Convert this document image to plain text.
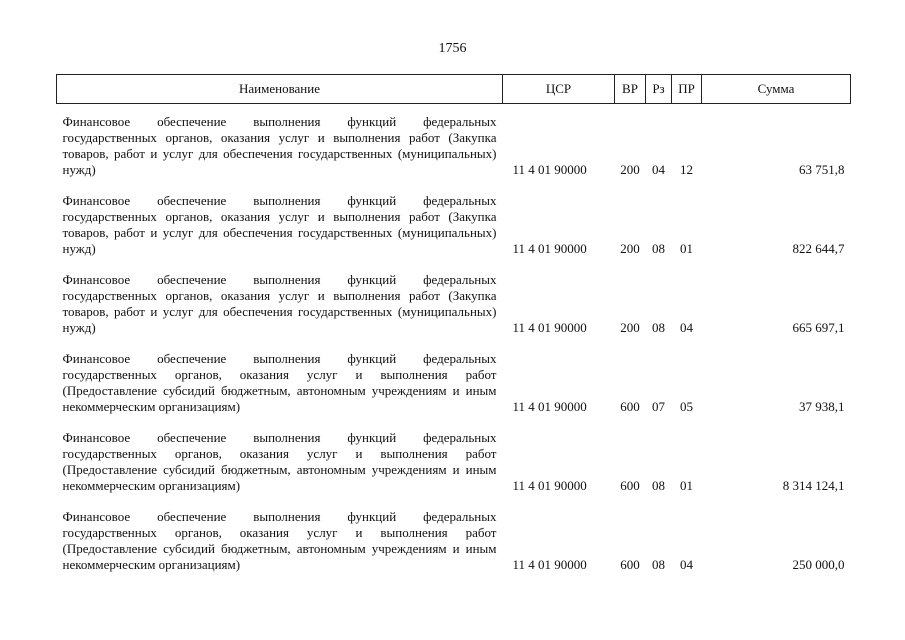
1756
Наименование	ЦСР	ВР	Рз	ПР	Сумма

Финансовое обеспечение выполнения функций федеральных государственных органов, оказания услуг и выполнения работ (Закупка товаров, работ и услуг для обеспечения государственных (муниципальных) нужд)	11 4 01 90000	200	04	12	63 751,8

Финансовое обеспечение выполнения функций федеральных государственных органов, оказания услуг и выполнения работ (Закупка товаров, работ и услуг для обеспечения государственных (муниципальных) нужд)	11 4 01 90000	200	08	01	822 644,7

Финансовое обеспечение выполнения функций федеральных государственных органов, оказания услуг и выполнения работ (Закупка товаров, работ и услуг для обеспечения государственных (муниципальных) нужд)	11 4 01 90000	200	08	04	665 697,1

Финансовое обеспечение выполнения функций федеральных государственных органов, оказания услуг и выполнения работ (Предоставление субсидий бюджетным, автономным учреждениям и иным некоммерческим организациям)	11 4 01 90000	600	07	05	37 938,1

Финансовое обеспечение выполнения функций федеральных государственных органов, оказания услуг и выполнения работ (Предоставление субсидий бюджетным, автономным учреждениям и иным некоммерческим организациям)	11 4 01 90000	600	08	01	8 314 124,1

Финансовое обеспечение выполнения функций федеральных государственных органов, оказания услуг и выполнения работ (Предоставление субсидий бюджетным, автономным учреждениям и иным некоммерческим организациям)	11 4 01 90000	600	08	04	250 000,0
